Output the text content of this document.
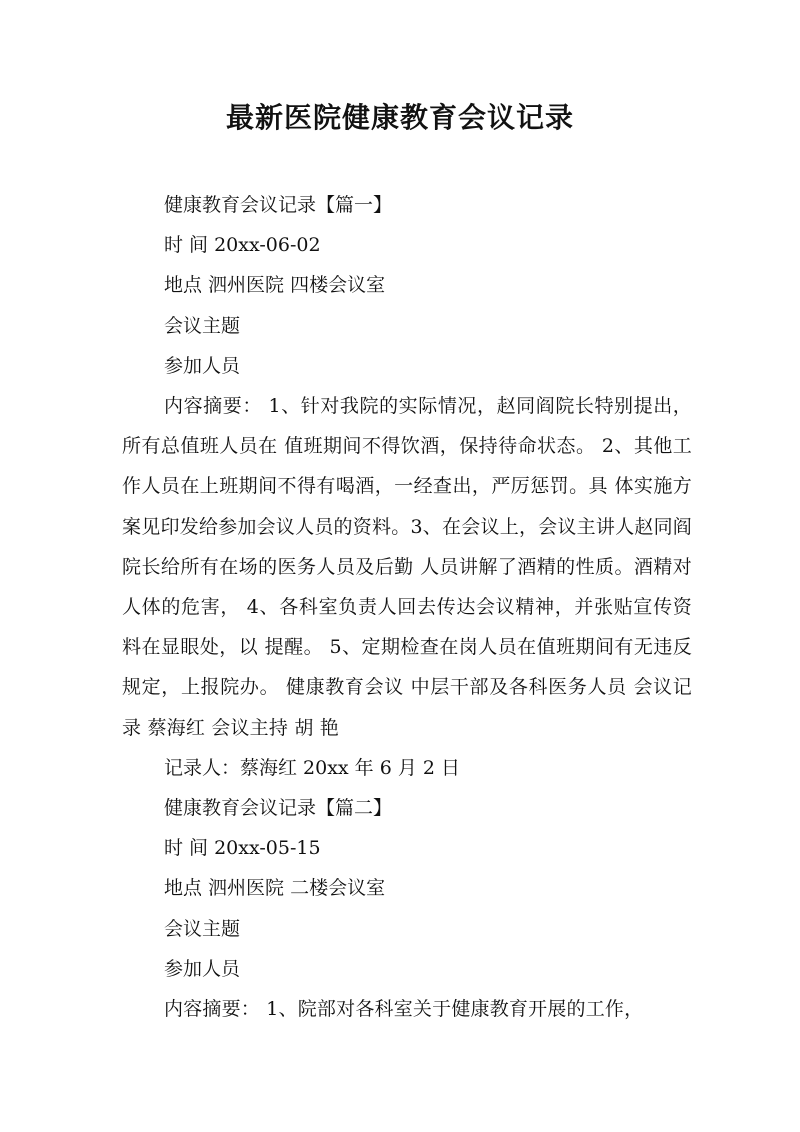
最新医院健康教育会议记录

健康教育会议记录【篇一】

时 间 20xx-06-02

地点 泗州医院 四楼会议室

会议主题

参加人员

内容摘要： 1、针对我院的实际情况，赵同阎院长特别提出，所有总值班人员在 值班期间不得饮酒，保持待命状态。 2、其他工作人员在上班期间不得有喝酒，一经查出，严厉惩罚。具 体实施方案见印发给参加会议人员的资料。3、在会议上，会议主讲人赵同阎院长给所有在场的医务人员及后勤 人员讲解了酒精的性质。酒精对人体的危害， 4、各科室负责人回去传达会议精神，并张贴宣传资料在显眼处，以 提醒。 5、定期检查在岗人员在值班期间有无违反规定，上报院办。 健康教育会议 中层干部及各科医务人员 会议记录 蔡海红 会议主持 胡 艳

记录人：蔡海红 20xx 年 6 月 2 日

健康教育会议记录【篇二】

时 间 20xx-05-15

地点 泗州医院 二楼会议室

会议主题

参加人员

内容摘要： 1、院部对各科室关于健康教育开展的工作，
